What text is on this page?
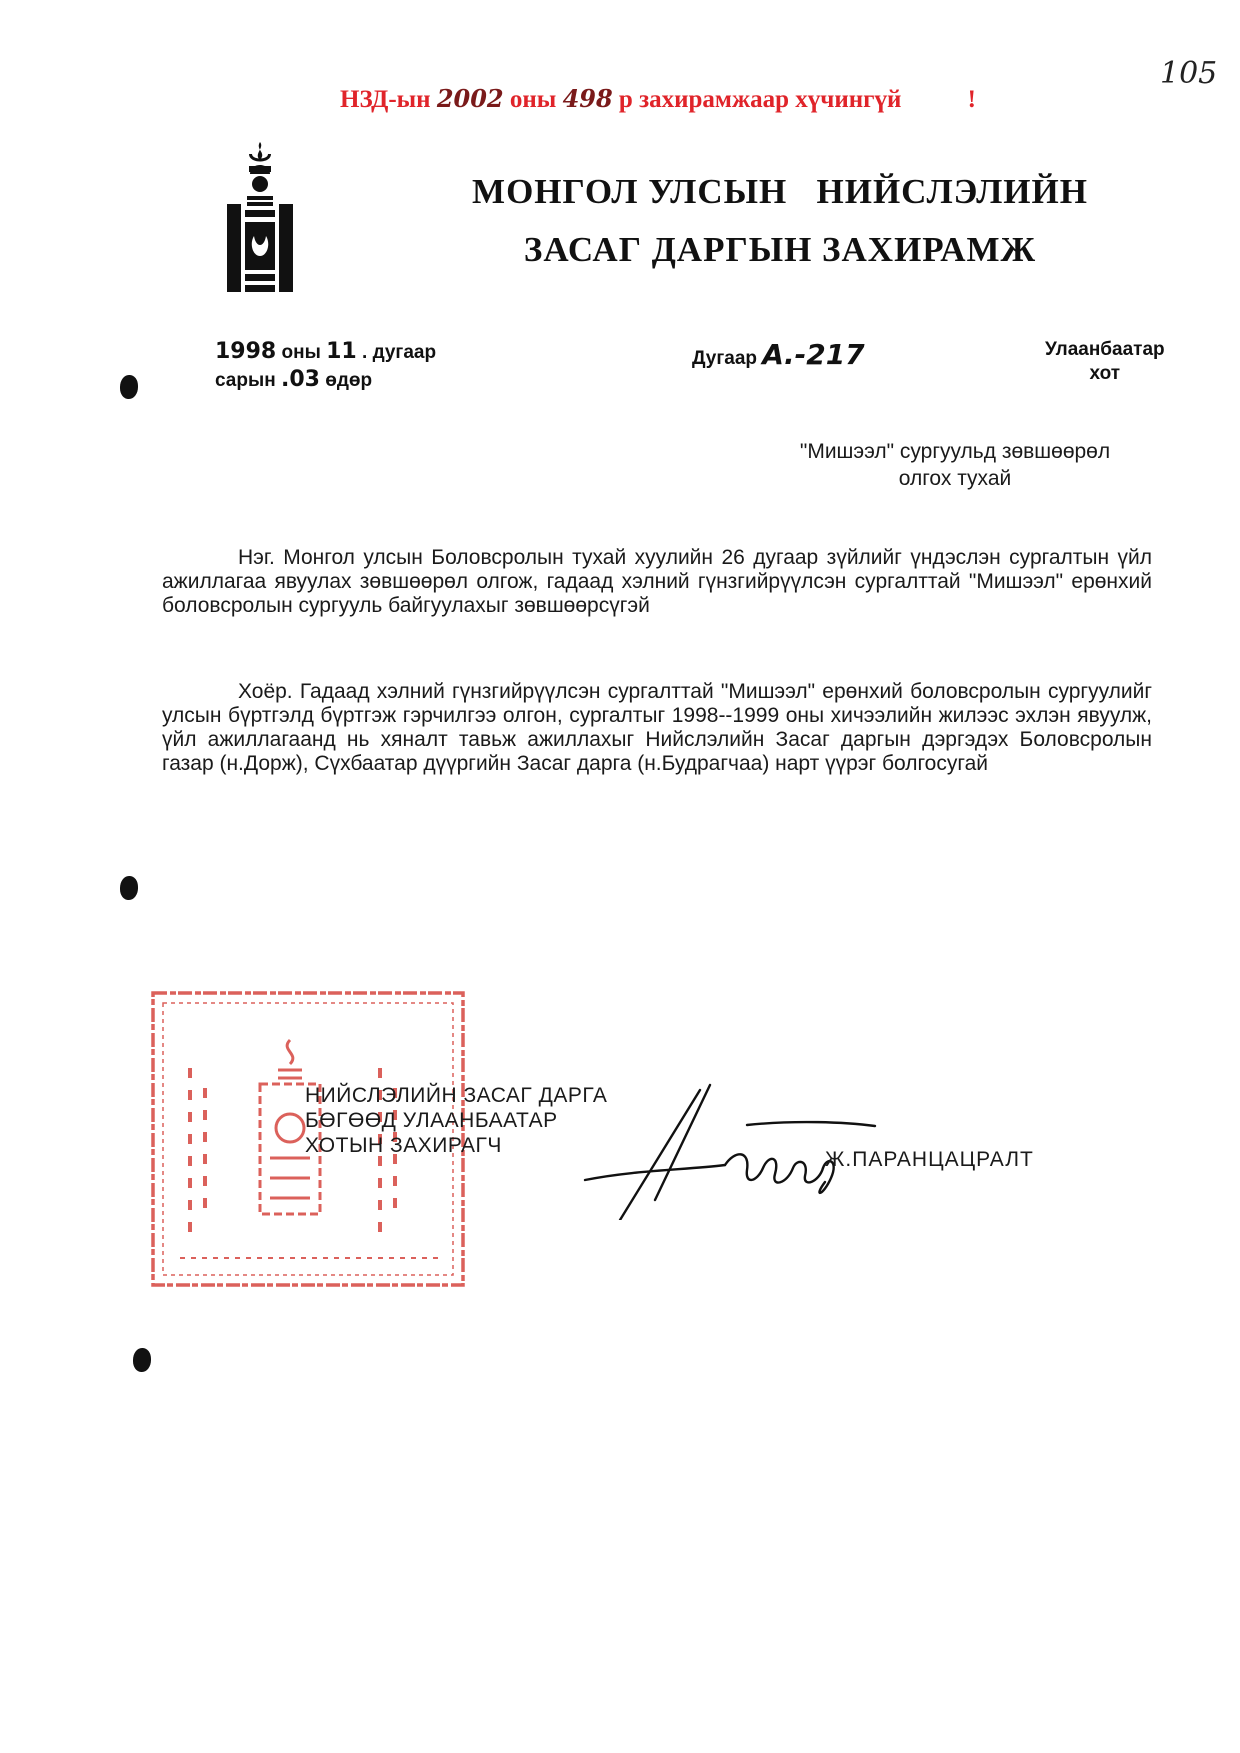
105
НЗД-ын 2002 оны 498 р захирамжаар хүчингүй	!
МОНГОЛ УЛСЫН   НИЙСЛЭЛИЙН
ЗАСАГ ДАРГЫН ЗАХИРАМЖ
1998 оны 11 . дугаар
сарын .03 өдөр
Дугаар А.-217	Улаанбаатар
хот
"Мишээл" сургуульд зөвшөөрөл
олгох тухай

Нэг. Монгол улсын Боловсролын тухай хуулийн 26 дугаар зүйлийг үндэслэн сургалтын үйл ажиллагаа явуулах зөвшөөрөл олгож, гадаад хэлний гүнзгийрүүлсэн сургалттай "Мишээл" ерөнхий боловсролын сургууль байгуулахыг зөвшөөрсүгэй

Хоёр. Гадаад хэлний гүнзгийрүүлсэн сургалттай "Мишээл" ерөнхий боловсролын сургуулийг улсын бүртгэлд бүртгэж гэрчилгээ олгон, сургалтыг 1998--1999 оны хичээлийн жилээс эхлэн явуулж, үйл ажиллагаанд нь хяналт тавьж ажиллахыг Нийслэлийн Засаг даргын дэргэдэх Боловсролын газар (н.Дорж), Сүхбаатар дүүргийн Засаг дарга (н.Будрагчаа) нарт үүрэг болгосугай

НИЙСЛЭЛИЙН ЗАСАГ ДАРГА
БӨГӨӨД УЛААНБААТАР
ХОТЫН ЗАХИРАГЧ
Ж.ПАРАНЦАЦРАЛТ
